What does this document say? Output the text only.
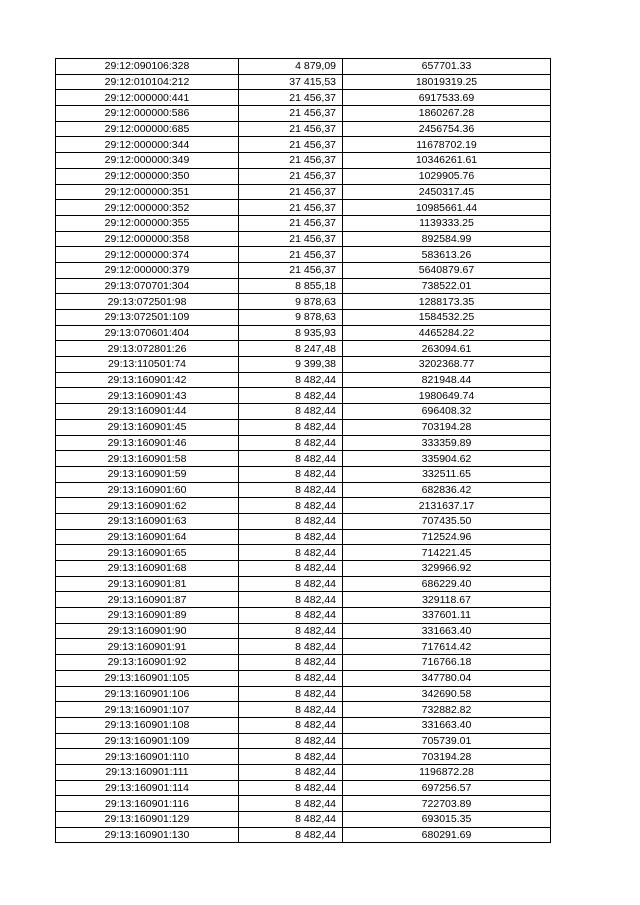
29:12:090106:328	4 879,09	657701.33
29:12:010104:212	37 415,53	18019319.25
29:12:000000:441	21 456,37	6917533.69
29:12:000000:586	21 456,37	1860267.28
29:12:000000:685	21 456,37	2456754.36
29:12:000000:344	21 456,37	11678702.19
29:12:000000:349	21 456,37	10346261.61
29:12:000000:350	21 456,37	1029905.76
29:12:000000:351	21 456,37	2450317.45
29:12:000000:352	21 456,37	10985661.44
29:12:000000:355	21 456,37	1139333.25
29:12:000000:358	21 456,37	892584.99
29:12:000000:374	21 456,37	583613.26
29:12:000000:379	21 456,37	5640879.67
29:13:070701:304	8 855,18	738522.01
29:13:072501:98	9 878,63	1288173.35
29:13:072501:109	9 878,63	1584532.25
29:13:070601:404	8 935,93	4465284.22
29:13:072801:26	8 247,48	263094.61
29:13:110501:74	9 399,38	3202368.77
29:13:160901:42	8 482,44	821948.44
29:13:160901:43	8 482,44	1980649.74
29:13:160901:44	8 482,44	696408.32
29:13:160901:45	8 482,44	703194.28
29:13:160901:46	8 482,44	333359.89
29:13:160901:58	8 482,44	335904.62
29:13:160901:59	8 482,44	332511.65
29:13:160901:60	8 482,44	682836.42
29:13:160901:62	8 482,44	2131637.17
29:13:160901:63	8 482,44	707435.50
29:13:160901:64	8 482,44	712524.96
29:13:160901:65	8 482,44	714221.45
29:13:160901:68	8 482,44	329966.92
29:13:160901:81	8 482,44	686229.40
29:13:160901:87	8 482,44	329118.67
29:13:160901:89	8 482,44	337601.11
29:13:160901:90	8 482,44	331663.40
29:13:160901:91	8 482,44	717614.42
29:13:160901:92	8 482,44	716766.18
29:13:160901:105	8 482,44	347780.04
29:13:160901:106	8 482,44	342690.58
29:13:160901:107	8 482,44	732882.82
29:13:160901:108	8 482,44	331663.40
29:13:160901:109	8 482,44	705739.01
29:13:160901:110	8 482,44	703194.28
29:13:160901:111	8 482,44	1196872.28
29:13:160901:114	8 482,44	697256.57
29:13:160901:116	8 482,44	722703.89
29:13:160901:129	8 482,44	693015.35
29:13:160901:130	8 482,44	680291.69
